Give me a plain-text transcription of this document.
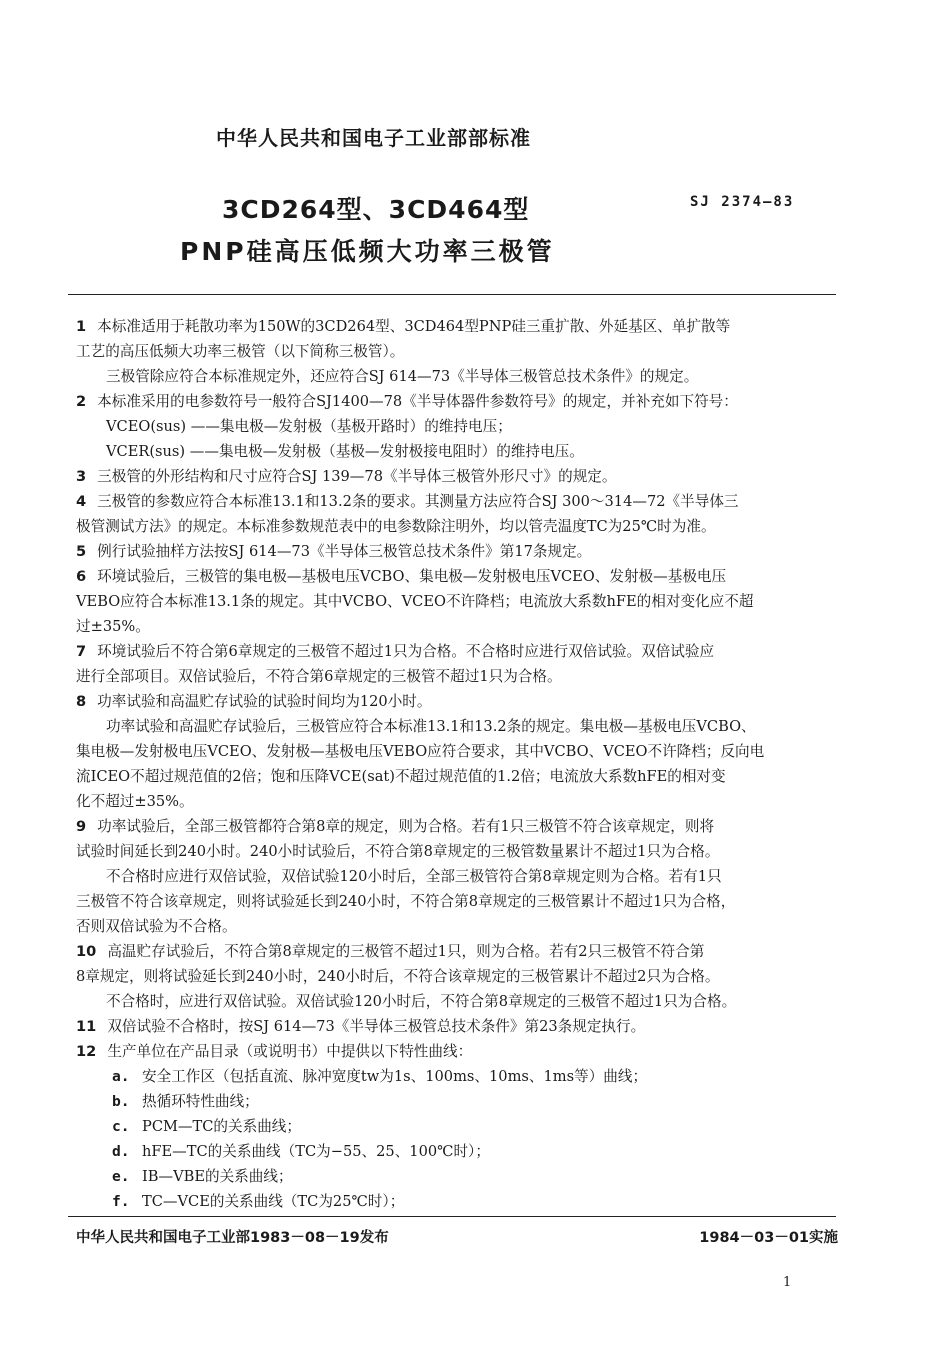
中华人民共和国电子工业部部标准
3CD264型、3CD464型
PNP硅高压低频大功率三极管
SJ 2374—83
1 本标准适用于耗散功率为150W的3CD264型、3CD464型PNP硅三重扩散、外延基区、单扩散等
工艺的高压低频大功率三极管（以下简称三极管）。
三极管除应符合本标准规定外，还应符合SJ 614—73《半导体三极管总技术条件》的规定。
2 本标准采用的电参数符号一般符合SJ1400—78《半导体器件参数符号》的规定，并补充如下符号：
VCEO(sus) ——集电极—发射极（基极开路时）的维持电压；
VCER(sus) ——集电极—发射极（基极—发射极接电阻时）的维持电压。
3 三极管的外形结构和尺寸应符合SJ 139—78《半导体三极管外形尺寸》的规定。
4 三极管的参数应符合本标准13.1和13.2条的要求。其测量方法应符合SJ 300～314—72《半导体三
极管测试方法》的规定。本标准参数规范表中的电参数除注明外，均以管壳温度TC为25℃时为准。
5 例行试验抽样方法按SJ 614—73《半导体三极管总技术条件》第17条规定。
6 环境试验后，三极管的集电极—基极电压VCBO、集电极—发射极电压VCEO、发射极—基极电压
VEBO应符合本标准13.1条的规定。其中VCBO、VCEO不许降档；电流放大系数hFE的相对变化应不超
过±35%。
7 环境试验后不符合第6章规定的三极管不超过1只为合格。不合格时应进行双倍试验。双倍试验应
进行全部项目。双倍试验后，不符合第6章规定的三极管不超过1只为合格。
8 功率试验和高温贮存试验的试验时间均为120小时。
功率试验和高温贮存试验后，三极管应符合本标准13.1和13.2条的规定。集电极—基极电压VCBO、
集电极—发射极电压VCEO、发射极—基极电压VEBO应符合要求，其中VCBO、VCEO不许降档；反向电
流ICEO不超过规范值的2倍；饱和压降VCE(sat)不超过规范值的1.2倍；电流放大系数hFE的相对变
化不超过±35%。
9 功率试验后，全部三极管都符合第8章的规定，则为合格。若有1只三极管不符合该章规定，则将
试验时间延长到240小时。240小时试验后，不符合第8章规定的三极管数量累计不超过1只为合格。
不合格时应进行双倍试验，双倍试验120小时后，全部三极管符合第8章规定则为合格。若有1只
三极管不符合该章规定，则将试验延长到240小时，不符合第8章规定的三极管累计不超过1只为合格，
否则双倍试验为不合格。
10 高温贮存试验后，不符合第8章规定的三极管不超过1只，则为合格。若有2只三极管不符合第
8章规定，则将试验延长到240小时，240小时后，不符合该章规定的三极管累计不超过2只为合格。
不合格时，应进行双倍试验。双倍试验120小时后，不符合第8章规定的三极管不超过1只为合格。
11 双倍试验不合格时，按SJ 614—73《半导体三极管总技术条件》第23条规定执行。
12 生产单位在产品目录（或说明书）中提供以下特性曲线：
a. 安全工作区（包括直流、脉冲宽度tw为1s、100ms、10ms、1ms等）曲线；
b. 热循环特性曲线；
c. PCM—TC的关系曲线；
d. hFE—TC的关系曲线（TC为−55、25、100℃时）；
e. IB—VBE的关系曲线；
f. TC—VCE的关系曲线（TC为25℃时）；
中华人民共和国电子工业部1983－08－19发布	1984－03－01实施
1
